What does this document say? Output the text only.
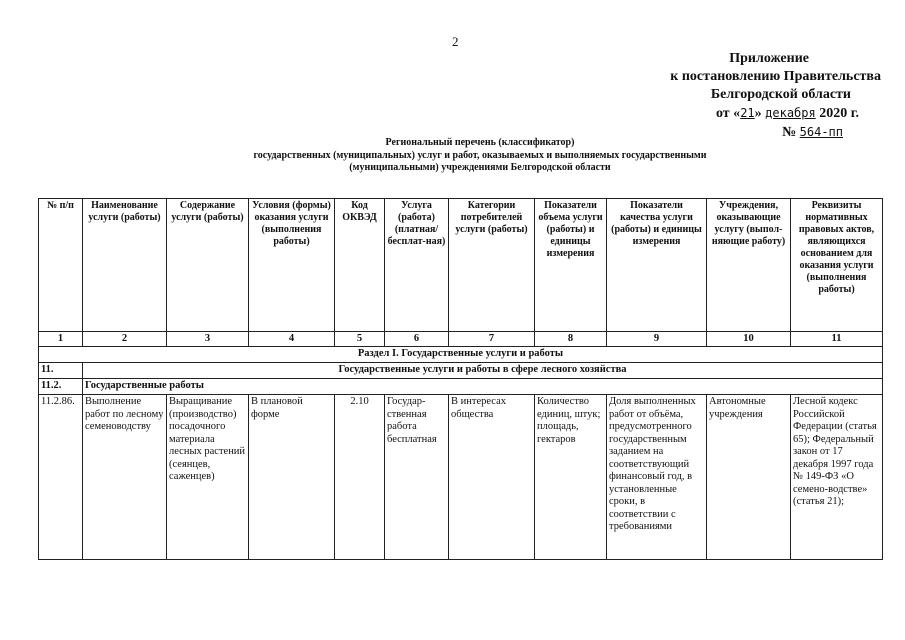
2
Приложение
к постановлению Правительства
Белгородской области
от «21» декабря 2020 г.
№ 564-пп
Региональный перечень (классификатор)
государственных (муниципальных) услуг и работ, оказываемых и выполняемых государственными
(муниципальными) учреждениями Белгородской области
№ п/п	Наименование услуги (работы)	Содержание услуги (работы)	Условия (формы) оказания услуги (выполнения работы)	Код ОКВЭД	Услуга (работа) (платная/ бесплат-ная)	Категории потребителей услуги (работы)	Показатели объема услуги (работы) и единицы измерения	Показатели качества услуги (работы) и единицы измерения	Учреждения, оказывающие услугу (выпол-няющие работу)	Реквизиты нормативных правовых актов, являющихся основанием для оказания услуги (выполнения работы)
1	2	3	4	5	6	7	8	9	10	11
Раздел I. Государственные услуги и работы										
11.	Государственные услуги и работы в сфере лесного хозяйства									
11.2.	Государственные работы									
11.2.86.	Выполнение работ по лесному семеноводству	Выращивание (производство) посадочного материала лесных растений (сеянцев, саженцев)	В плановой форме	2.10	Государ-ственная работа бесплатная	В интересах общества	Количество единиц, штук; площадь, гектаров	Доля выполненных работ от объёма, предусмотренного государственным заданием на соответствующий финансовый год, в установленные сроки, в соответствии с требованиями	Автономные учреждения	Лесной кодекс Российской Федерации (статья 65); Федеральный закон от 17 декабря 1997 года № 149-ФЗ «О семено-водстве» (статья 21);
